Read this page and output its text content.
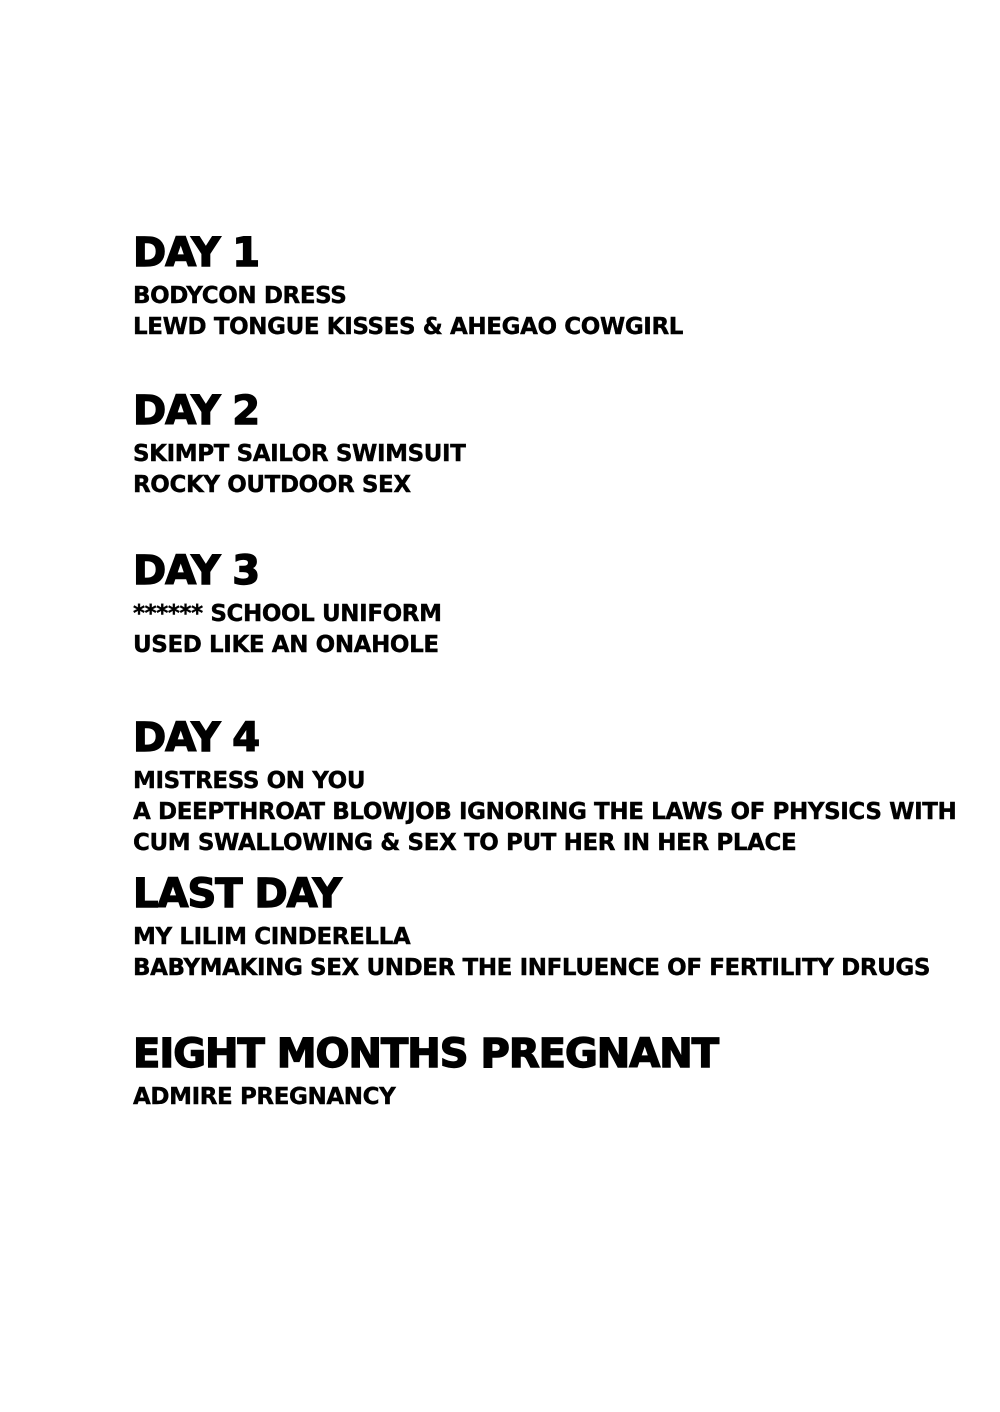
DAY 1
BODYCON DRESS
LEWD TONGUE KISSES & AHEGAO COWGIRL
DAY 2
SKIMPT SAILOR SWIMSUIT
ROCKY OUTDOOR SEX
DAY 3
****** SCHOOL UNIFORM
USED LIKE AN ONAHOLE
DAY 4
MISTRESS ON YOU
A DEEPTHROAT BLOWJOB IGNORING THE LAWS OF PHYSICS WITH
CUM SWALLOWING & SEX TO PUT HER IN HER PLACE
LAST DAY
MY LILIM CINDERELLA
BABYMAKING SEX UNDER THE INFLUENCE OF FERTILITY DRUGS
EIGHT MONTHS PREGNANT
ADMIRE PREGNANCY
